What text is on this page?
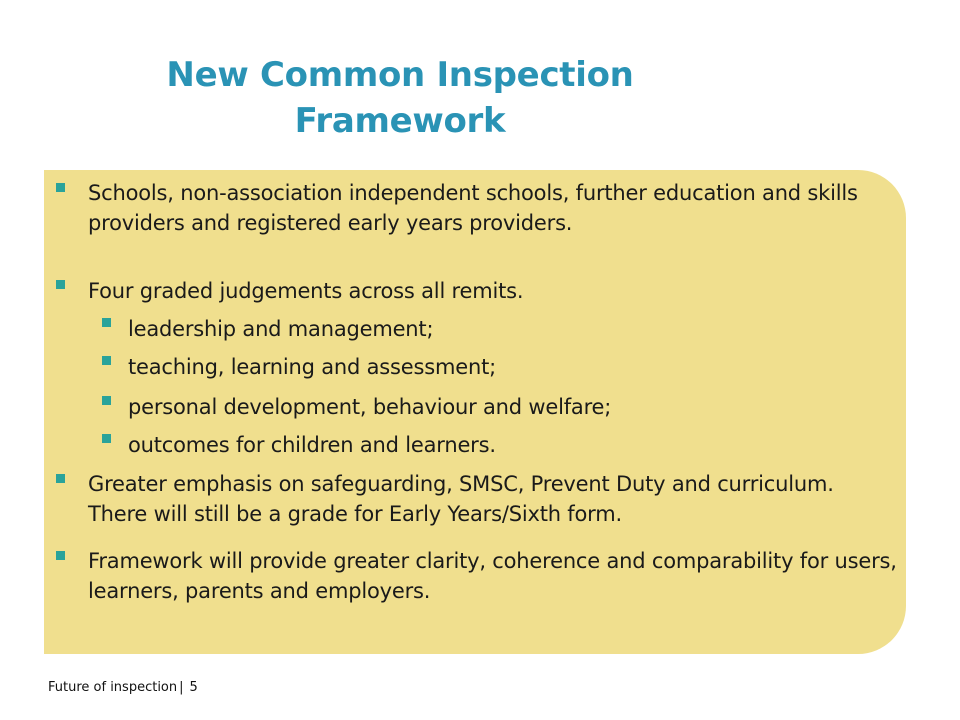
New Common Inspection
Framework
Schools, non-association independent schools, further education and skills providers and registered early years providers.
Four graded judgements across all remits.
leadership and management;
teaching, learning and assessment;
personal development, behaviour and welfare;
outcomes for children and learners.
Greater emphasis on safeguarding, SMSC, Prevent Duty and curriculum. There will still be a grade for Early Years/Sixth form.
Framework will provide greater clarity, coherence and comparability for users, learners, parents and employers.
Future of inspection | 5
